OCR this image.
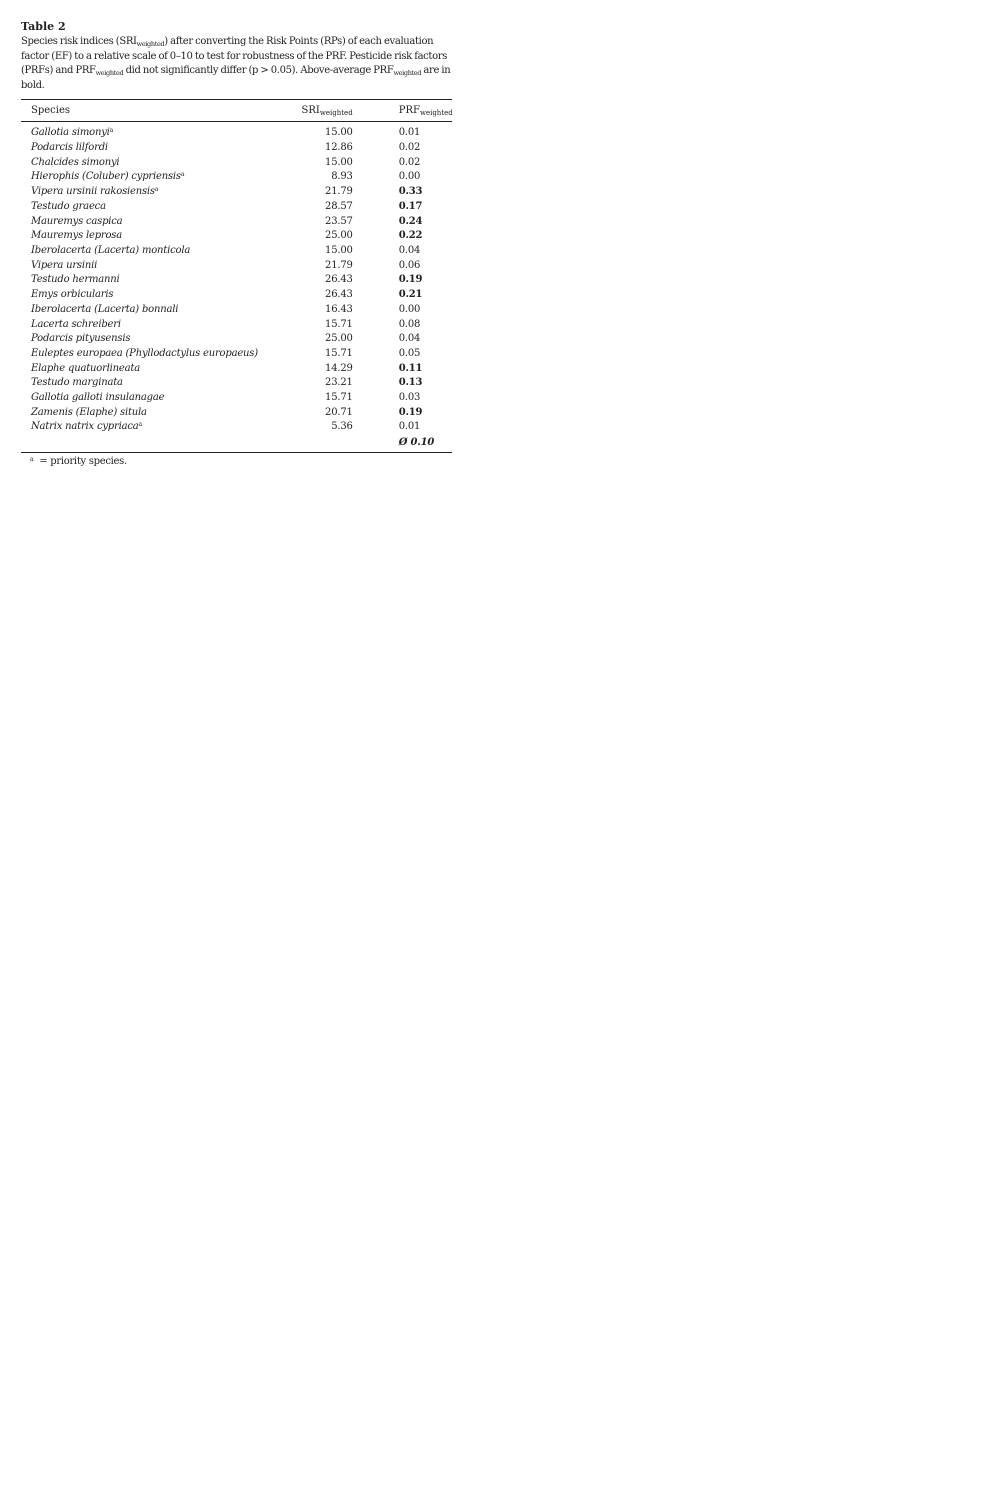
Table 2

Species risk indices $(SRI_{weighted})$ after converting the Risk Points (RPs) of each evaluation factor (EF) to a relative scale of 0–10 to test for robustness of the PRF. Pesticide risk factors (PRFs) and $PRF_{weighted}$ did not significantly differ (p > 0.05). Above-average $PRF_{weighted}$ are in bold.

Species	$SRI_{weighted}$		$PRF_{weighted}$

Gallotia simonyi$^a$	15.00		0.01
Podarcis lilfordi	12.86		0.02
Chalcides simonyi	15.00		0.02
Hierophis (Coluber) cypriensis$^a$	8.93		0.00
Vipera ursinii rakosiensis$^a$	21.79		0.33
Testudo graeca	28.57		0.17
Mauremys caspica	23.57		0.24
Mauremys leprosa	25.00		0.22
Iberolacerta (Lacerta) monticola	15.00		0.04
Vipera ursinii	21.79		0.06
Testudo hermanni	26.43		0.19
Emys orbicularis	26.43		0.21
Iberolacerta (Lacerta) bonnali	16.43		0.00
Lacerta schreiberi	15.71		0.08
Podarcis pityusensis	25.00		0.04
Euleptes europaea (Phyllodactylus europaeus)	15.71		0.05
Elaphe quatuorlineata	14.29		0.11
Testudo marginata	23.21		0.13
Gallotia galloti insulanagae	15.71		0.03
Zamenis (Elaphe) situla	20.71		0.19
Natrix natrix cypriaca$^a$	5.36		0.01
			Ø 0.10
$^a$ = priority species.
